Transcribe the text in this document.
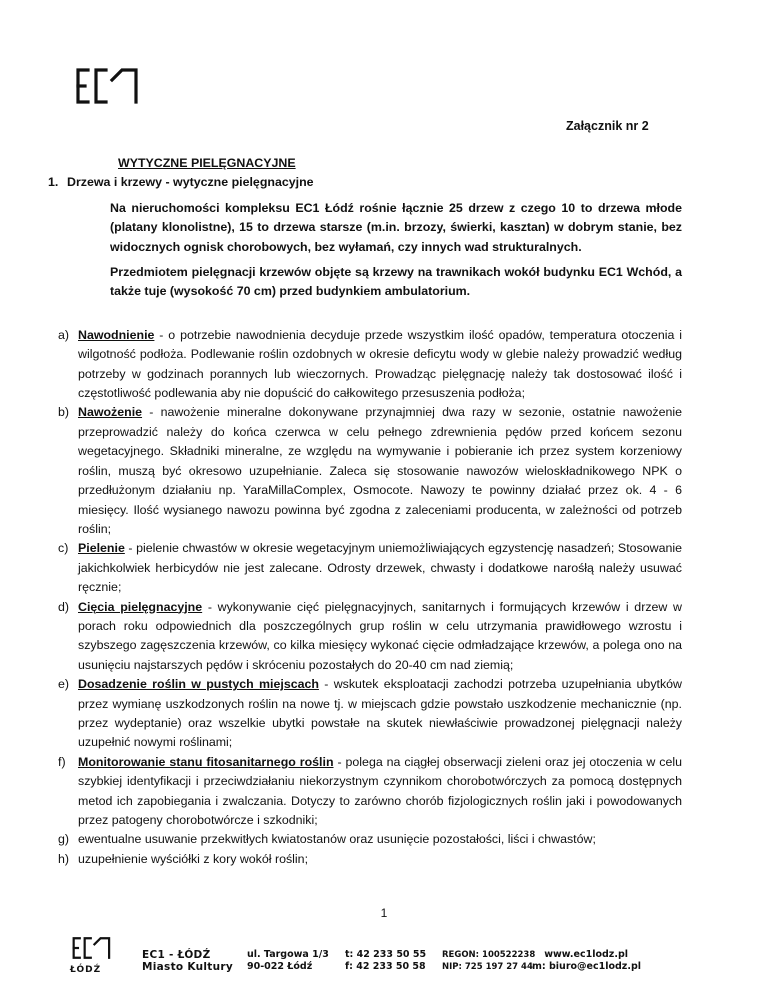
Załącznik nr 2
WYTYCZNE PIELĘGNACYJNE
1. Drzewa i krzewy - wytyczne pielęgnacyjne
Na nieruchomości kompleksu EC1 Łódź rośnie łącznie 25 drzew z czego 10 to drzewa młode (platany klonolistne), 15 to drzewa starsze (m.in. brzozy, świerki, kasztan) w dobrym stanie, bez widocznych ognisk chorobowych, bez wyłamań, czy innych wad strukturalnych.
Przedmiotem pielęgnacji krzewów objęte są krzewy na trawnikach wokół budynku EC1 Wchód, a także tuje (wysokość 70 cm) przed budynkiem ambulatorium.
a) Nawodnienie - o potrzebie nawodnienia decyduje przede wszystkim ilość opadów, temperatura otoczenia i wilgotność podłoża. Podlewanie roślin ozdobnych w okresie deficytu wody w glebie należy prowadzić według potrzeby w godzinach porannych lub wieczornych. Prowadząc pielęgnację należy tak dostosować ilość i częstotliwość podlewania aby nie dopuścić do całkowitego przesuszenia podłoża;
b) Nawożenie - nawożenie mineralne dokonywane przynajmniej dwa razy w sezonie, ostatnie nawożenie przeprowadzić należy do końca czerwca w celu pełnego zdrewnienia pędów przed końcem sezonu wegetacyjnego. Składniki mineralne, ze względu na wymywanie i pobieranie ich przez system korzeniowy roślin, muszą być okresowo uzupełnianie. Zaleca się stosowanie nawozów wieloskładnikowego NPK o przedłużonym działaniu np. YaraMillaComplex, Osmocote. Nawozy te powinny działać przez ok. 4 - 6 miesięcy. Ilość wysianego nawozu powinna być zgodna z zaleceniami producenta, w zależności od potrzeb roślin;
c) Pielenie - pielenie chwastów w okresie wegetacyjnym uniemożliwiających egzystencję nasadzeń; Stosowanie jakichkolwiek herbicydów nie jest zalecane. Odrosty drzewek, chwasty i dodatkowe narośłą należy usuwać ręcznie;
d) Cięcia pielęgnacyjne - wykonywanie cięć pielęgnacyjnych, sanitarnych i formujących krzewów i drzew w porach roku odpowiednich dla poszczególnych grup roślin w celu utrzymania prawidłowego wzrostu i szybszego zagęszczenia krzewów, co kilka miesięcy wykonać cięcie odmładzające krzewów, a polega ono na usunięciu najstarszych pędów i skróceniu pozostałych do 20-40 cm nad ziemią;
e) Dosadzenie roślin w pustych miejscach - wskutek eksploatacji zachodzi potrzeba uzupełniania ubytków przez wymianę uszkodzonych roślin na nowe tj. w miejscach gdzie powstało uszkodzenie mechanicznie (np. przez wydeptanie) oraz wszelkie ubytki powstałe na skutek niewłaściwie prowadzonej pielęgnacji należy uzupełnić nowymi roślinami;
f)	Monitorowanie stanu fitosanitarnego roślin - polega na ciągłej obserwacji zieleni oraz jej otoczenia w celu szybkiej identyfikacji i przeciwdziałaniu niekorzystnym czynnikom chorobotwórczych za pomocą dostępnych metod ich zapobiegania i zwalczania. Dotyczy to zarówno chorób fizjologicznych roślin jaki i powodowanych przez patogeny chorobotwórcze i szkodniki;
g) ewentualne usuwanie przekwitłych kwiatostanów oraz usunięcie pozostałości, liści i chwastów;
h) uzupełnienie wyściółki z kory wokół roślin;
1
ŁÓDŹ
EC1 - ŁÓDŹ
Miasto Kultury
ul. Targowa 1/3
90-022 Łódź
t: 42 233 50 55
f: 42 233 50 58
REGON: 100522238
NIP: 725 197 27 44
www.ec1lodz.pl
m: biuro@ec1lodz.pl
